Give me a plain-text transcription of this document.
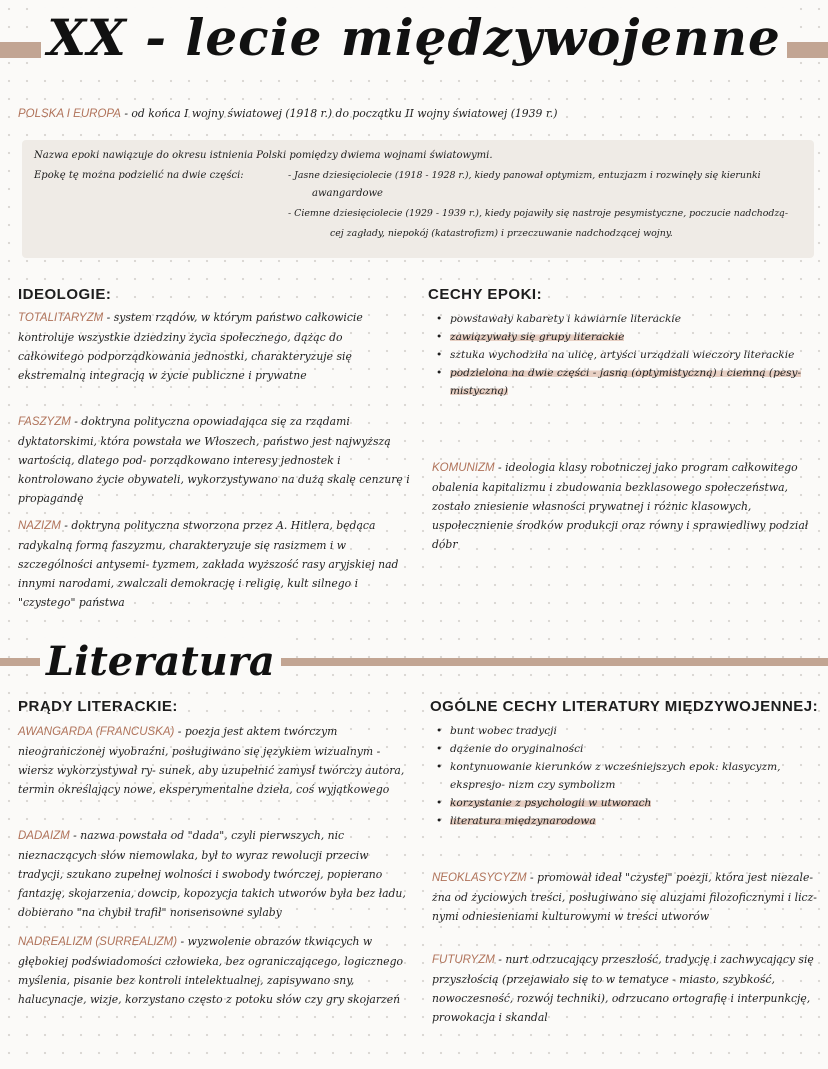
XX - lecie międzywojenne
POLSKA I EUROPA - od końca I wojny światowej (1918 r.) do początku II wojny światowej (1939 r.)
Nazwa epoki nawiązuje do okresu istnienia Polski pomiędzy dwiema wojnami światowymi.
Epokę tę można podzielić na dwie części:	- Jasne dziesięciolecie (1918 - 1928 r.), kiedy panował optymizm, entuzjazm i rozwinęły się kierunki
awangardowe
- Ciemne dziesięciolecie (1929 - 1939 r.), kiedy pojawiły się nastroje pesymistyczne, poczucie nadchodzą-
cej zagłady, niepokój (katastrofizm) i przeczuwanie nadchodzącej wojny.
IDEOLOGIE:
TOTALITARYZM - system rządów, w którym państwo całkowicie kontroluje wszystkie dziedziny życia społecznego, dążąc do całkowitego podporządkowania jednostki, charakteryzuje się ekstremalną integracją w życie publiczne i prywatne
FASZYZM - doktryna polityczna opowiadająca się za rządami dyktatorskimi, która powstała we Włoszech, państwo jest najwyższą wartością, dlatego pod- porządkowano interesy jednostek i kontrolowano życie obywateli, wykorzystywano na dużą skalę cenzurę i propagandę
NAZIZM - doktryna polityczna stworzona przez A. Hitlera, będąca radykalną formą faszyzmu, charakteryzuje się rasizmem i w szczególności antysemi- tyzmem, zakłada wyższość rasy aryjskiej nad innymi narodami, zwalczali demokrację i religię, kult silnego i "czystego" państwa
CECHY EPOKI:
• powstawały kabarety i kawiarnie literackie
• zawiązywały się grupy literackie
• sztuka wychodziła na ulicę, artyści urządzali wieczory literackie
• podzielona na dwie części - jasną (optymistyczną) i ciemną (pesy- mistyczną)
KOMUNIZM - ideologia klasy robotniczej jako program całkowitego obalenia kapitalizmu i zbudowania bezklasowego społeczeństwa, zostało zniesienie własności prywatnej i różnic klasowych, uspołecznienie środków produkcji oraz równy i sprawiedliwy podział dóbr
Literatura
PRĄDY LITERACKIE:
AWANGARDA (FRANCUSKA) - poezja jest aktem twórczym nieograniczonej wyobraźni, posługiwano się językiem wizualnym - wiersz wykorzystywał ry- sunek, aby uzupełnić zamysł twórczy autora, termin określający nowe, eksperymentalne dzieła, coś wyjątkowego
DADAIZM - nazwa powstała od "dada", czyli pierwszych, nic nieznaczących słów niemowlaka, był to wyraz rewolucji przeciw tradycji, szukano zupełnej wolności i swobody twórczej, popierano fantazję, skojarzenia, dowcip, kopozycja takich utworów była bez ładu, dobierano "na chybił trafił" nonsensowne sylaby
NADREALIZM (SURREALIZM) - wyzwolenie obrazów tkwiących w głębokiej podświadomości człowieka, bez ograniczającego, logicznego myślenia, pisanie bez kontroli intelektualnej, zapisywano sny, halucynacje, wizje, korzystano często z potoku słów czy gry skojarzeń
OGÓLNE CECHY LITERATURY MIĘDZYWOJENNEJ:
• bunt wobec tradycji
• dążenie do oryginalności
• kontynuowanie kierunków z wcześniejszych epok: klasycyzm, ekspresjo- nizm czy symbolizm
• korzystanie z psychologii w utworach
• literatura międzynarodowa
NEOKLASYCYZM - promował ideał "czystej" poezji, która jest niezale- żna od życiowych treści, posługiwano się aluzjami filozoficznymi i licz- nymi odniesieniami kulturowymi w treści utworów
FUTURYZM - nurt odrzucający przeszłość, tradycję i zachwycający się przyszłością (przejawiało się to w tematyce - miasto, szybkość, nowoczesność, rozwój techniki), odrzucano ortografię i interpunkcję, prowokacja i skandal
